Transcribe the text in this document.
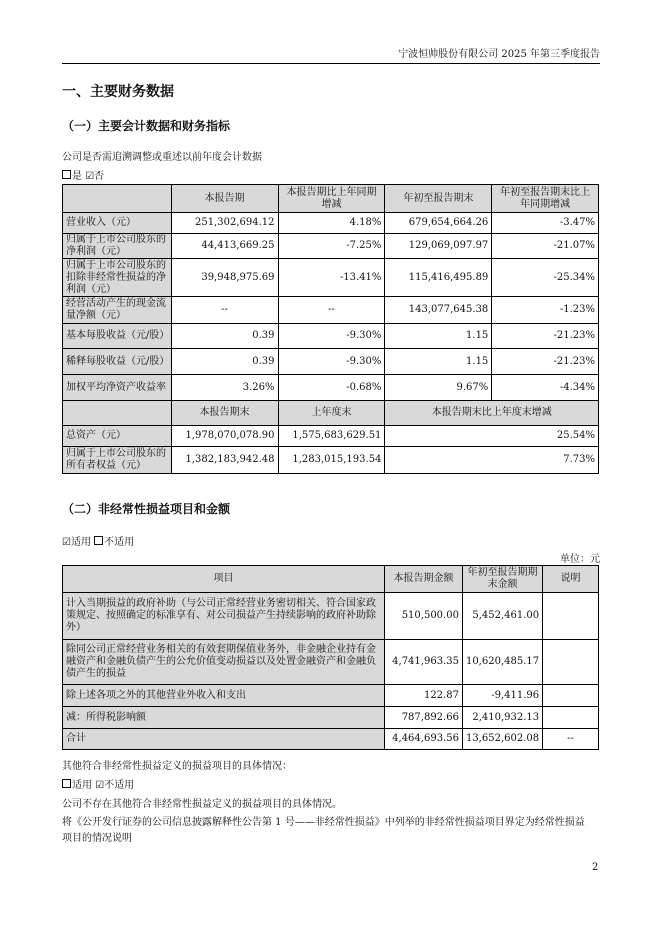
宁波恒帅股份有限公司 2025 年第三季度报告
一、主要财务数据
（一）主要会计数据和财务指标
公司是否需追溯调整或重述以前年度会计数据
是 ☑否
	本报告期	本报告期比上年同期增减	年初至报告期末	年初至报告期末比上年同期增减
营业收入（元）	251,302,694.12	4.18%	679,654,664.26	-3.47%
归属于上市公司股东的净利润（元）	44,413,669.25	-7.25%	129,069,097.97	-21.07%
归属于上市公司股东的扣除非经常性损益的净利润（元）	39,948,975.69	-13.41%	115,416,495.89	-25.34%
经营活动产生的现金流量净额（元）	--	--	143,077,645.38	-1.23%
基本每股收益（元/股）	0.39	-9.30%	1.15	-21.23%
稀释每股收益（元/股）	0.39	-9.30%	1.15	-21.23%
加权平均净资产收益率	3.26%	-0.68%	9.67%	-4.34%
	本报告期末	上年度末	本报告期末比上年度末增减	
总资产（元）	1,978,070,078.90	1,575,683,629.51	25.54%	
归属于上市公司股东的所有者权益（元）	1,382,183,942.48	1,283,015,193.54	7.73%	
（二）非经常性损益项目和金额
☑适用 不适用
单位：元
项目	本报告期金额	年初至报告期期末金额	说明
计入当期损益的政府补助（与公司正常经营业务密切相关、符合国家政策规定、按照确定的标准享有、对公司损益产生持续影响的政府补助除外）	510,500.00	5,452,461.00	
除同公司正常经营业务相关的有效套期保值业务外，非金融企业持有金融资产和金融负债产生的公允价值变动损益以及处置金融资产和金融负债产生的损益	4,741,963.35	10,620,485.17	
除上述各项之外的其他营业外收入和支出	122.87	-9,411.96	
减：所得税影响额	787,892.66	2,410,932.13	
合计	4,464,693.56	13,652,602.08	--
其他符合非经常性损益定义的损益项目的具体情况：
适用 ☑不适用
公司不存在其他符合非经常性损益定义的损益项目的具体情况。
将《公开发行证券的公司信息披露解释性公告第 1 号——非经常性损益》中列举的非经常性损益项目界定为经常性损益
项目的情况说明
2
